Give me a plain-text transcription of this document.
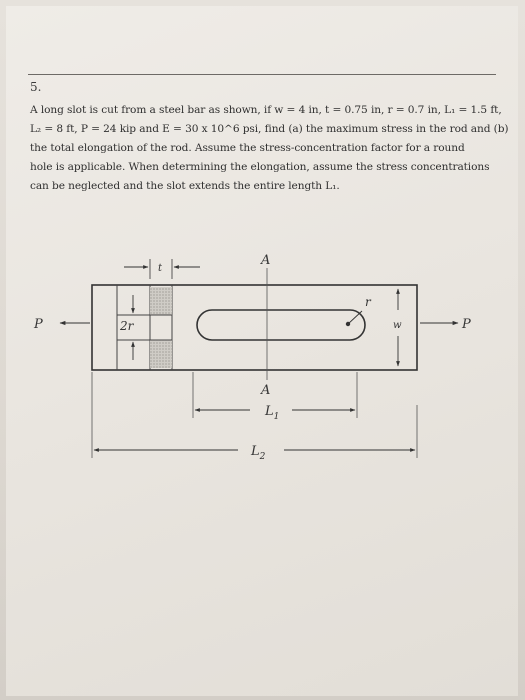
5.
A long slot is cut from a steel bar as shown, if w = 4 in, t = 0.75 in, r = 0.7 in, L₁ = 1.5 ft,
L₂ = 8 ft, P = 24 kip and E = 30 x 10^6 psi, find (a) the maximum stress in the rod and (b)
the total elongation of the rod. Assume the stress-concentration factor for a round
hole is applicable. When determining the elongation, assume the stress concentrations
can be neglected and the slot extends the entire length L₁.
A
A
P	P
t
2r
r
w
$L_1$
$L_2$
